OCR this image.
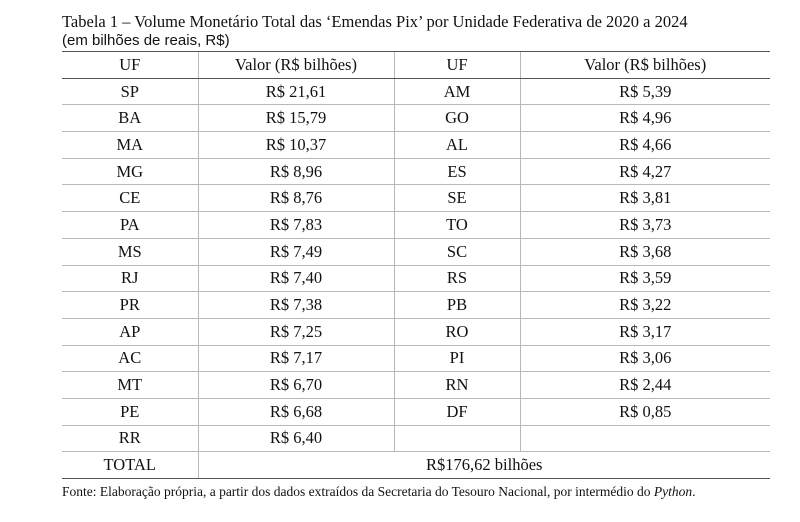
Tabela 1 – Volume Monetário Total das ‘Emendas Pix’ por Unidade Federativa de 2020 a 2024

(em bilhões de reais, R$)

UF	Valor (R$ bilhões)	UF	Valor (R$ bilhões)
SP	R$ 21,61	AM	R$ 5,39
BA	R$ 15,79	GO	R$ 4,96
MA	R$ 10,37	AL	R$ 4,66
MG	R$ 8,96	ES	R$ 4,27
CE	R$ 8,76	SE	R$ 3,81
PA	R$ 7,83	TO	R$ 3,73
MS	R$ 7,49	SC	R$ 3,68
RJ	R$ 7,40	RS	R$ 3,59
PR	R$ 7,38	PB	R$ 3,22
AP	R$ 7,25	RO	R$ 3,17
AC	R$ 7,17	PI	R$ 3,06
MT	R$ 6,70	RN	R$ 2,44
PE	R$ 6,68	DF	R$ 0,85
RR	R$ 6,40		
TOTAL	R$176,62 bilhões		
Fonte: Elaboração própria, a partir dos dados extraídos da Secretaria do Tesouro Nacional, por intermédio do Python.
